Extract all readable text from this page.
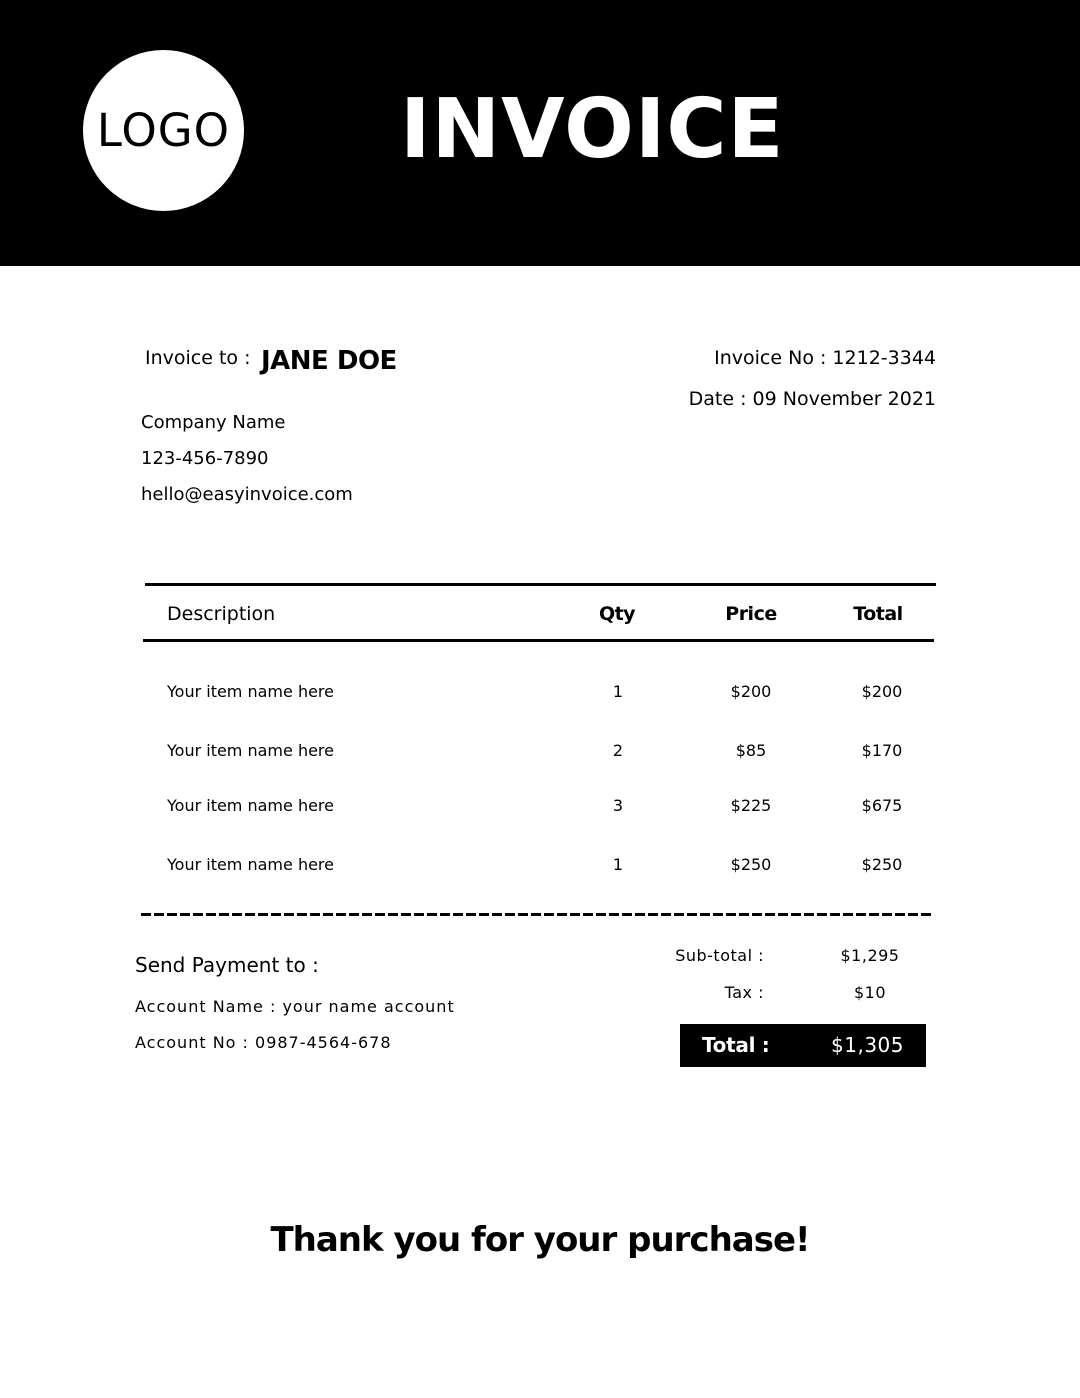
LOGO INVOICE
Invoice to : JANE DOE
Company Name
123-456-7890
hello@easyinvoice.com
Invoice No : 1212-3344
Date : 09 November 2021
Description	Qty	Price	Total
Your item name here	1	$200	$200
Your item name here	2	$85	$170
Your item name here	3	$225	$675
Your item name here	1	$250	$250
Send Payment to :
Account Name : your name account
Account No : 0987-4564-678
Sub-total :	$1,295
Tax :	$10
Total :	$1,305
Thank you for your purchase!
